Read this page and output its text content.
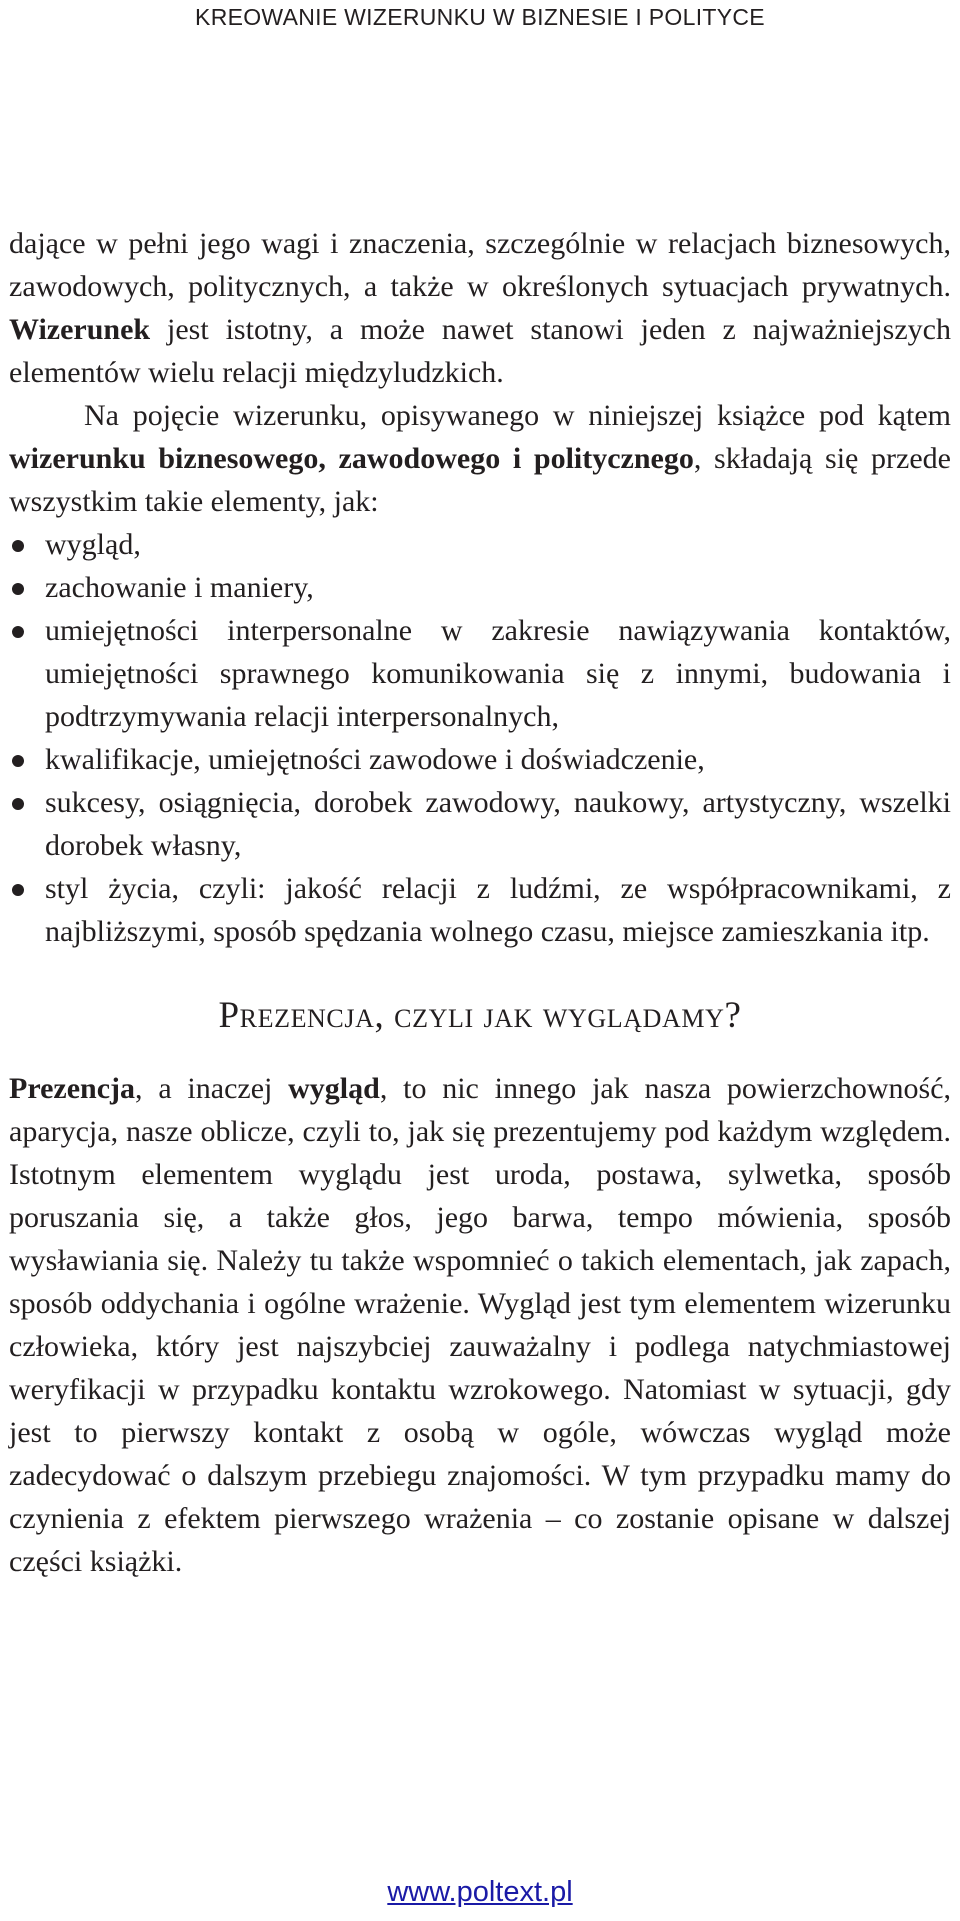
KREOWANIE WIZERUNKU W BIZNESIE I POLITYCE

dające w pełni jego wagi i znaczenia, szczególnie w relacjach biznesowych, zawodowych, politycznych, a także w określonych sytuacjach prywatnych. Wizerunek jest istotny, a może nawet stanowi jeden z najważniejszych elementów wielu relacji międzyludzkich.

Na pojęcie wizerunku, opisywanego w niniejszej książce pod kątem wizerunku biznesowego, zawodowego i politycznego, składają się przede wszystkim takie elementy, jak:

wygląd,
zachowanie i maniery,
umiejętności interpersonalne w zakresie nawiązywania kontaktów, umiejętności sprawnego komunikowania się z innymi, budowania i podtrzymywania relacji interpersonalnych,
kwalifikacje, umiejętności zawodowe i doświadczenie,
sukcesy, osiągnięcia, dorobek zawodowy, naukowy, artystyczny, wszelki dorobek własny,
styl życia, czyli: jakość relacji z ludźmi, ze współpracownikami, z najbliższymi, sposób spędzania wolnego czasu, miejsce zamieszkania itp.
Prezencja, czyli jak wyglądamy?

Prezencja, a inaczej wygląd, to nic innego jak nasza powierzchowność, aparycja, nasze oblicze, czyli to, jak się prezentujemy pod każdym względem. Istotnym elementem wyglądu jest uroda, postawa, sylwetka, sposób poruszania się, a także głos, jego barwa, tempo mówienia, sposób wysławiania się. Należy tu także wspomnieć o takich elementach, jak zapach, sposób oddychania i ogólne wrażenie. Wygląd jest tym elementem wizerunku człowieka, który jest najszybciej zauważalny i podlega natychmiastowej weryfikacji w przypadku kontaktu wzrokowego. Natomiast w sytuacji, gdy jest to pierwszy kontakt z osobą w ogóle, wówczas wygląd może zadecydować o dalszym przebiegu znajomości. W tym przypadku mamy do czynienia z efektem pierwszego wrażenia – co zostanie opisane w dalszej części książki.

www.poltext.pl
